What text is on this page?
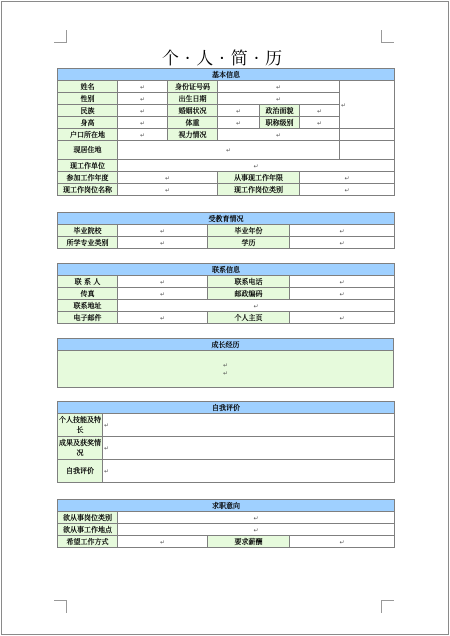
个·人·简·历
基本信息						
姓名	↵	身份证号码	↵			↵
性别	↵	出生日期	↵			
民族	↵	婚姻状况	↵	政治面貌	↵	
身高	↵	体重	↵	职称级别	↵	
户口所在地	↵	视力情况	↵			
现居住地	↵					
现工作单位	↵					
参加工作年度	↵		从事现工作年限		↵	
现工作岗位名称	↵		现工作岗位类别		↵	
受教育情况			
毕业院校	↵	毕业年份	↵
所学专业类别	↵	学历	↵
联系信息			
联 系 人	↵	联系电话	↵
传真	↵	邮政编码	↵
联系地址	↵		
电子邮件	↵	个人主页	↵
成长经历
↵
↵
自我评价	
个人技能及特长	↵
成果及获奖情况	↵
自我评价	↵
求职意向			
欲从事岗位类别	↵		
欲从事工作地点	↵		
希望工作方式	↵	要求薪酬	↵
